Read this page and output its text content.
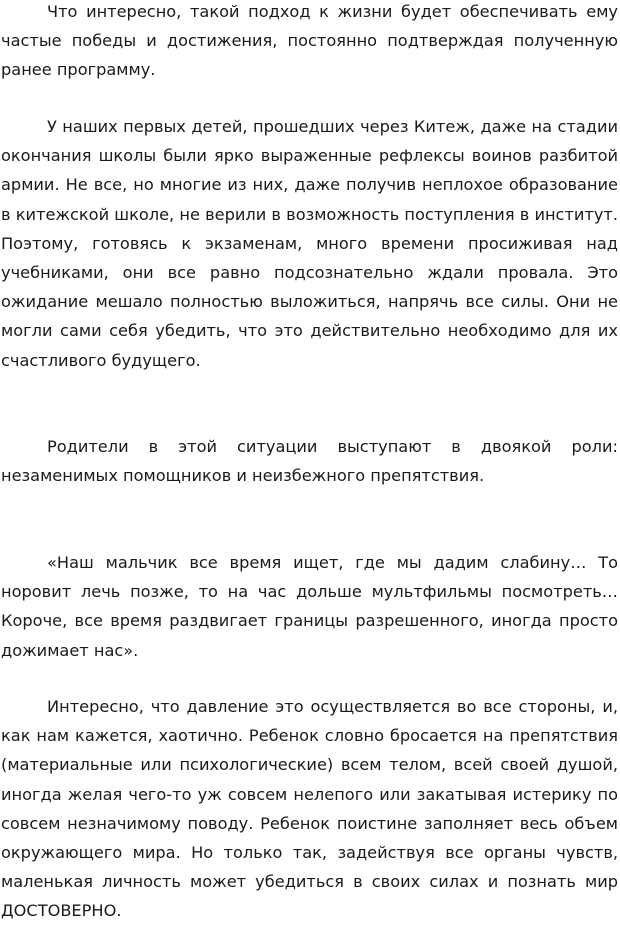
Что интересно, такой подход к жизни будет обеспечивать ему частые победы и достижения, постоянно подтверждая полученную ранее программу.

У наших первых детей, прошедших через Китеж, даже на стадии окончания школы были ярко выраженные рефлексы воинов разбитой армии. Не все, но многие из них, даже получив неплохое образование в китежской школе, не верили в возможность поступления в институт. Поэтому, готовясь к экзаменам, много времени просиживая над учебниками, они все равно подсознательно ждали провала. Это ожидание мешало полностью выложиться, напрячь все силы. Они не могли сами себя убедить, что это действительно необходимо для их счастливого будущего.

Родители в этой ситуации выступают в двоякой роли: незаменимых помощников и неизбежного препятствия.

«Наш мальчик все время ищет, где мы дадим слабину… То норовит лечь позже, то на час дольше мультфильмы посмотреть… Короче, все время раздвигает границы разрешенного, иногда просто дожимает нас».

Интересно, что давление это осуществляется во все стороны, и, как нам кажется, хаотично. Ребенок словно бросается на препятствия (материальные или психологические) всем телом, всей своей душой, иногда желая чего-то уж совсем нелепого или закатывая истерику по совсем незначимому поводу. Ребенок поистине заполняет весь объем окружающего мира. Но только так, задействуя все органы чувств, маленькая личность может убедиться в своих силах и познать мир ДОСТОВЕРНО.
